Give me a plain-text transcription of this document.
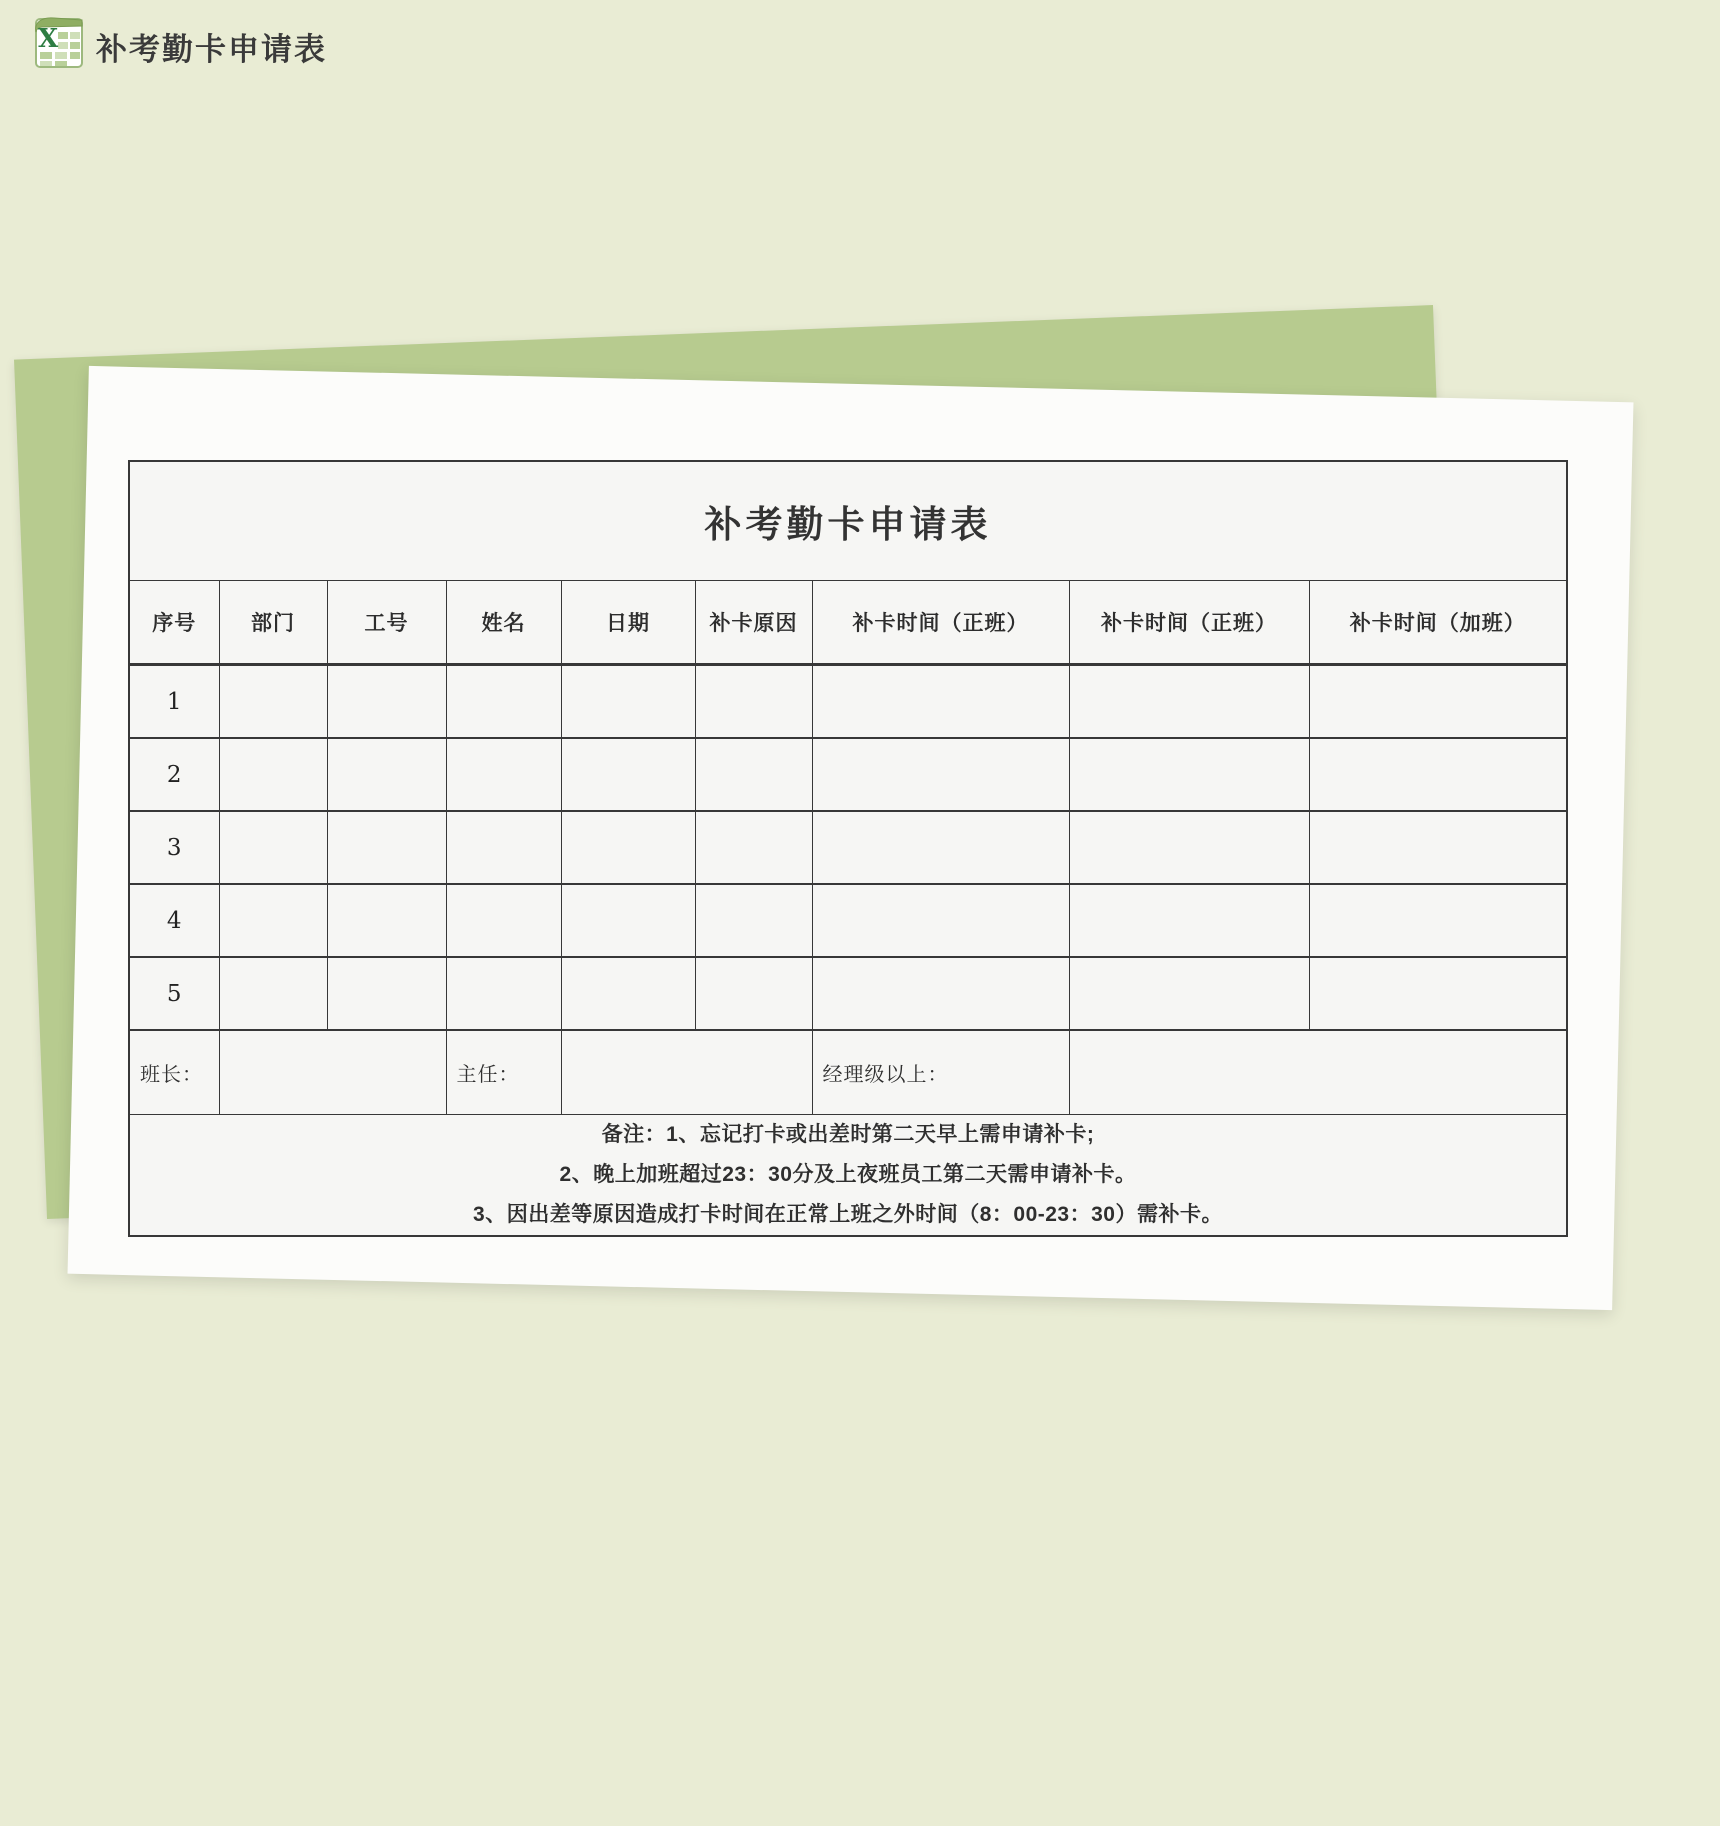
X 补考勤卡申请表
补考勤卡申请表								
序号	部门	工号	姓名	日期	补卡原因	补卡时间（正班）	补卡时间（正班）	补卡时间（加班）
1								
2								
3								
4								
5								
班长：			主任：			经理级以上：		

备注：1、忘记打卡或出差时第二天早上需申请补卡;
2、晚上加班超过23：30分及上夜班员工第二天需申请补卡。
3、因出差等原因造成打卡时间在正常上班之外时间（8：00-23：30）需补卡。								
